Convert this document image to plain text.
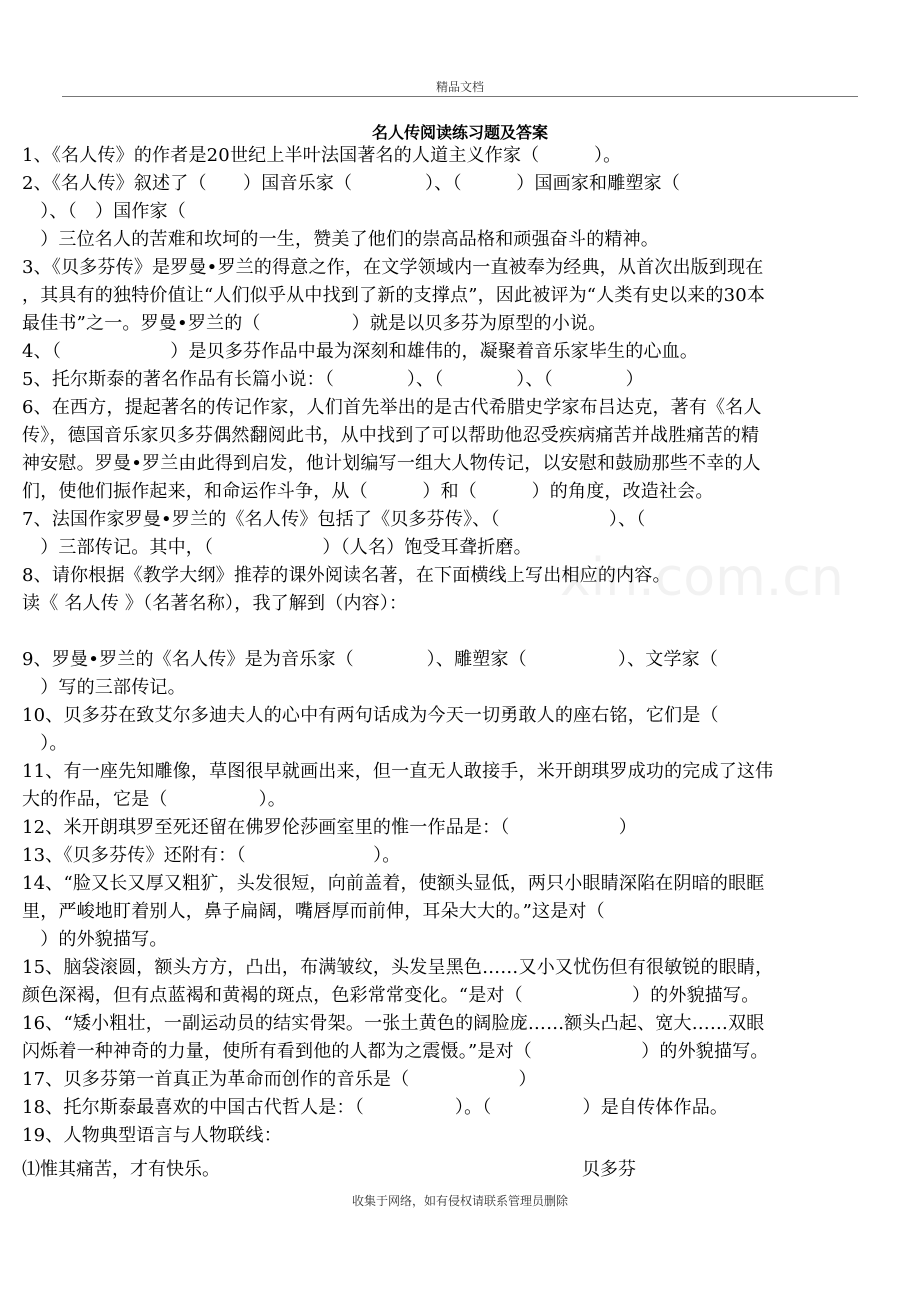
精品文档
xin.com.cn
名人传阅读练习题及答案
1、《名人传》的作者是20世纪上半叶法国著名的人道主义作家（　　　）。
2、《名人传》叙述了（　　）国音乐家（　　　　）、（　　　）国画家和雕塑家（
　）、（　）国作家（
　）三位名人的苦难和坎坷的一生，赞美了他们的崇高品格和顽强奋斗的精神。
3、《贝多芬传》是罗曼•罗兰的得意之作，在文学领域内一直被奉为经典，从首次出版到现在
，其具有的独特价值让“人们似乎从中找到了新的支撑点”，因此被评为“人类有史以来的30本
最佳书”之一。罗曼•罗兰的（　　　　　）就是以贝多芬为原型的小说。
4、（　　　　　　）是贝多芬作品中最为深刻和雄伟的，凝聚着音乐家毕生的心血。
5、托尔斯泰的著名作品有长篇小说：（　　　　）、（　　　　）、（　　　　）
6、在西方，提起著名的传记作家，人们首先举出的是古代希腊史学家布吕达克，著有《名人
传》，德国音乐家贝多芬偶然翻阅此书，从中找到了可以帮助他忍受疾病痛苦并战胜痛苦的精
神安慰。罗曼•罗兰由此得到启发，他计划编写一组大人物传记，以安慰和鼓励那些不幸的人
们，使他们振作起来，和命运作斗争，从（　　　）和（　　　）的角度，改造社会。
7、法国作家罗曼•罗兰的《名人传》包括了《贝多芬传》、（　　　　　　）、（
　）三部传记。其中，（　　　　　　）（人名）饱受耳聋折磨。
8、请你根据《教学大纲》推荐的课外阅读名著，在下面横线上写出相应的内容。
读《 名人传 》（名著名称），我了解到（内容）：
9、罗曼•罗兰的《名人传》是为音乐家（　　　　）、雕塑家（　　　　　）、文学家（
　）写的三部传记。
10、贝多芬在致艾尔多迪夫人的心中有两句话成为今天一切勇敢人的座右铭，它们是（
　）。
11、有一座先知雕像，草图很早就画出来，但一直无人敢接手，米开朗琪罗成功的完成了这伟
大的作品，它是（　　　　　）。
12、米开朗琪罗至死还留在佛罗伦莎画室里的惟一作品是：（　　　　　　）
13、《贝多芬传》还附有：（　　　　　　　）。
14、“脸又长又厚又粗犷，头发很短，向前盖着，使额头显低，两只小眼睛深陷在阴暗的眼眶
里，严峻地盯着别人，鼻子扁阔，嘴唇厚而前伸，耳朵大大的。”这是对（
　）的外貌描写。
15、脑袋滚圆，额头方方，凸出，布满皱纹，头发呈黑色……又小又忧伤但有很敏锐的眼睛，
颜色深褐，但有点蓝褐和黄褐的斑点，色彩常常变化。“是对（　　　　　　）的外貌描写。
16、“矮小粗壮，一副运动员的结实骨架。一张土黄色的阔脸庞……额头凸起、宽大……双眼
闪烁着一种神奇的力量，使所有看到他的人都为之震慑。”是对（　　　　　　）的外貌描写。
17、贝多芬第一首真正为革命而创作的音乐是（　　　　　　）
18、托尔斯泰最喜欢的中国古代哲人是：（　　　　　）。（　　　　　）是自传体作品。
19、人物典型语言与人物联线：
⑴惟其痛苦，才有快乐。	贝多芬
收集于网络，如有侵权请联系管理员删除
